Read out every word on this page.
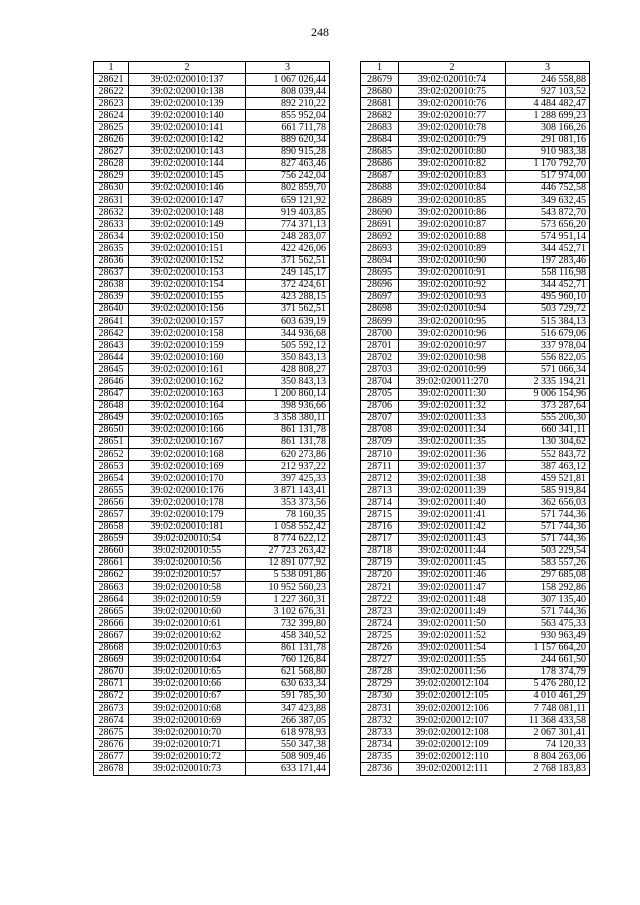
248
1	2	3
28621	39:02:020010:137	1 067 026,44
28622	39:02:020010:138	808 039,44
28623	39:02:020010:139	892 210,22
28624	39:02:020010:140	855 952,04
28625	39:02:020010:141	661 711,78
28626	39:02:020010:142	889 620,34
28627	39:02:020010:143	890 915,28
28628	39:02:020010:144	827 463,46
28629	39:02:020010:145	756 242,04
28630	39:02:020010:146	802 859,70
28631	39:02:020010:147	659 121,92
28632	39:02:020010:148	919 403,85
28633	39:02:020010:149	774 371,13
28634	39:02:020010:150	248 283,07
28635	39:02:020010:151	422 426,06
28636	39:02:020010:152	371 562,51
28637	39:02:020010:153	249 145,17
28638	39:02:020010:154	372 424,61
28639	39:02:020010:155	423 288,15
28640	39:02:020010:156	371 562,51
28641	39:02:020010:157	603 639,19
28642	39:02:020010:158	344 936,68
28643	39:02:020010:159	505 592,12
28644	39:02:020010:160	350 843,13
28645	39:02:020010:161	428 808,27
28646	39:02:020010:162	350 843,13
28647	39:02:020010:163	1 200 860,14
28648	39:02:020010:164	398 936,66
28649	39:02:020010:165	3 358 380,11
28650	39:02:020010:166	861 131,78
28651	39:02:020010:167	861 131,78
28652	39:02:020010:168	620 273,86
28653	39:02:020010:169	212 937,22
28654	39:02:020010:170	397 425,33
28655	39:02:020010:176	3 871 143,41
28656	39:02:020010:178	353 373,56
28657	39:02:020010:179	78 160,35
28658	39:02:020010:181	1 058 552,42
28659	39:02:020010:54	8 774 622,12
28660	39:02:020010:55	27 723 263,42
28661	39:02:020010:56	12 891 077,92
28662	39:02:020010:57	5 538 091,86
28663	39:02:020010:58	10 952 560,23
28664	39:02:020010:59	1 227 360,31
28665	39:02:020010:60	3 102 676,31
28666	39:02:020010:61	732 399,80
28667	39:02:020010:62	458 340,52
28668	39:02:020010:63	861 131,78
28669	39:02:020010:64	760 126,84
28670	39:02:020010:65	621 568,80
28671	39:02:020010:66	630 633,34
28672	39:02:020010:67	591 785,30
28673	39:02:020010:68	347 423,88
28674	39:02:020010:69	266 387,05
28675	39:02:020010:70	618 978,93
28676	39:02:020010:71	550 347,38
28677	39:02:020010:72	508 909,46
28678	39:02:020010:73	633 171,44
1	2	3
28679	39:02:020010:74	246 558,88
28680	39:02:020010:75	927 103,52
28681	39:02:020010:76	4 484 482,47
28682	39:02:020010:77	1 288 699,23
28683	39:02:020010:78	308 166,26
28684	39:02:020010:79	291 081,16
28685	39:02:020010:80	910 983,38
28686	39:02:020010:82	1 170 792,70
28687	39:02:020010:83	517 974,00
28688	39:02:020010:84	446 752,58
28689	39:02:020010:85	349 632,45
28690	39:02:020010:86	543 872,70
28691	39:02:020010:87	573 656,20
28692	39:02:020010:88	574 951,14
28693	39:02:020010:89	344 452,71
28694	39:02:020010:90	197 283,46
28695	39:02:020010:91	558 116,98
28696	39:02:020010:92	344 452,71
28697	39:02:020010:93	495 960,10
28698	39:02:020010:94	503 729,72
28699	39:02:020010:95	515 384,13
28700	39:02:020010:96	516 679,06
28701	39:02:020010:97	337 978,04
28702	39:02:020010:98	556 822,05
28703	39:02:020010:99	571 066,34
28704	39:02:020011:270	2 335 194,21
28705	39:02:020011:30	9 006 154,96
28706	39:02:020011:32	373 287,64
28707	39:02:020011:33	555 206,30
28708	39:02:020011:34	660 341,11
28709	39:02:020011:35	130 304,62
28710	39:02:020011:36	552 843,72
28711	39:02:020011:37	387 463,12
28712	39:02:020011:38	459 521,81
28713	39:02:020011:39	585 919,84
28714	39:02:020011:40	362 656,03
28715	39:02:020011:41	571 744,36
28716	39:02:020011:42	571 744,36
28717	39:02:020011:43	571 744,36
28718	39:02:020011:44	503 229,54
28719	39:02:020011:45	583 557,26
28720	39:02:020011:46	297 685,08
28721	39:02:020011:47	158 292,86
28722	39:02:020011:48	307 135,40
28723	39:02:020011:49	571 744,36
28724	39:02:020011:50	563 475,33
28725	39:02:020011:52	930 963,49
28726	39:02:020011:54	1 157 664,20
28727	39:02:020011:55	244 661,50
28728	39:02:020011:56	178 374,79
28729	39:02:020012:104	5 476 280,12
28730	39:02:020012:105	4 010 461,29
28731	39:02:020012:106	7 748 081,11
28732	39:02:020012:107	11 368 433,58
28733	39:02:020012:108	2 067 301,41
28734	39:02:020012:109	74 120,33
28735	39:02:020012:110	8 804 263,06
28736	39:02:020012:111	2 768 183,83
